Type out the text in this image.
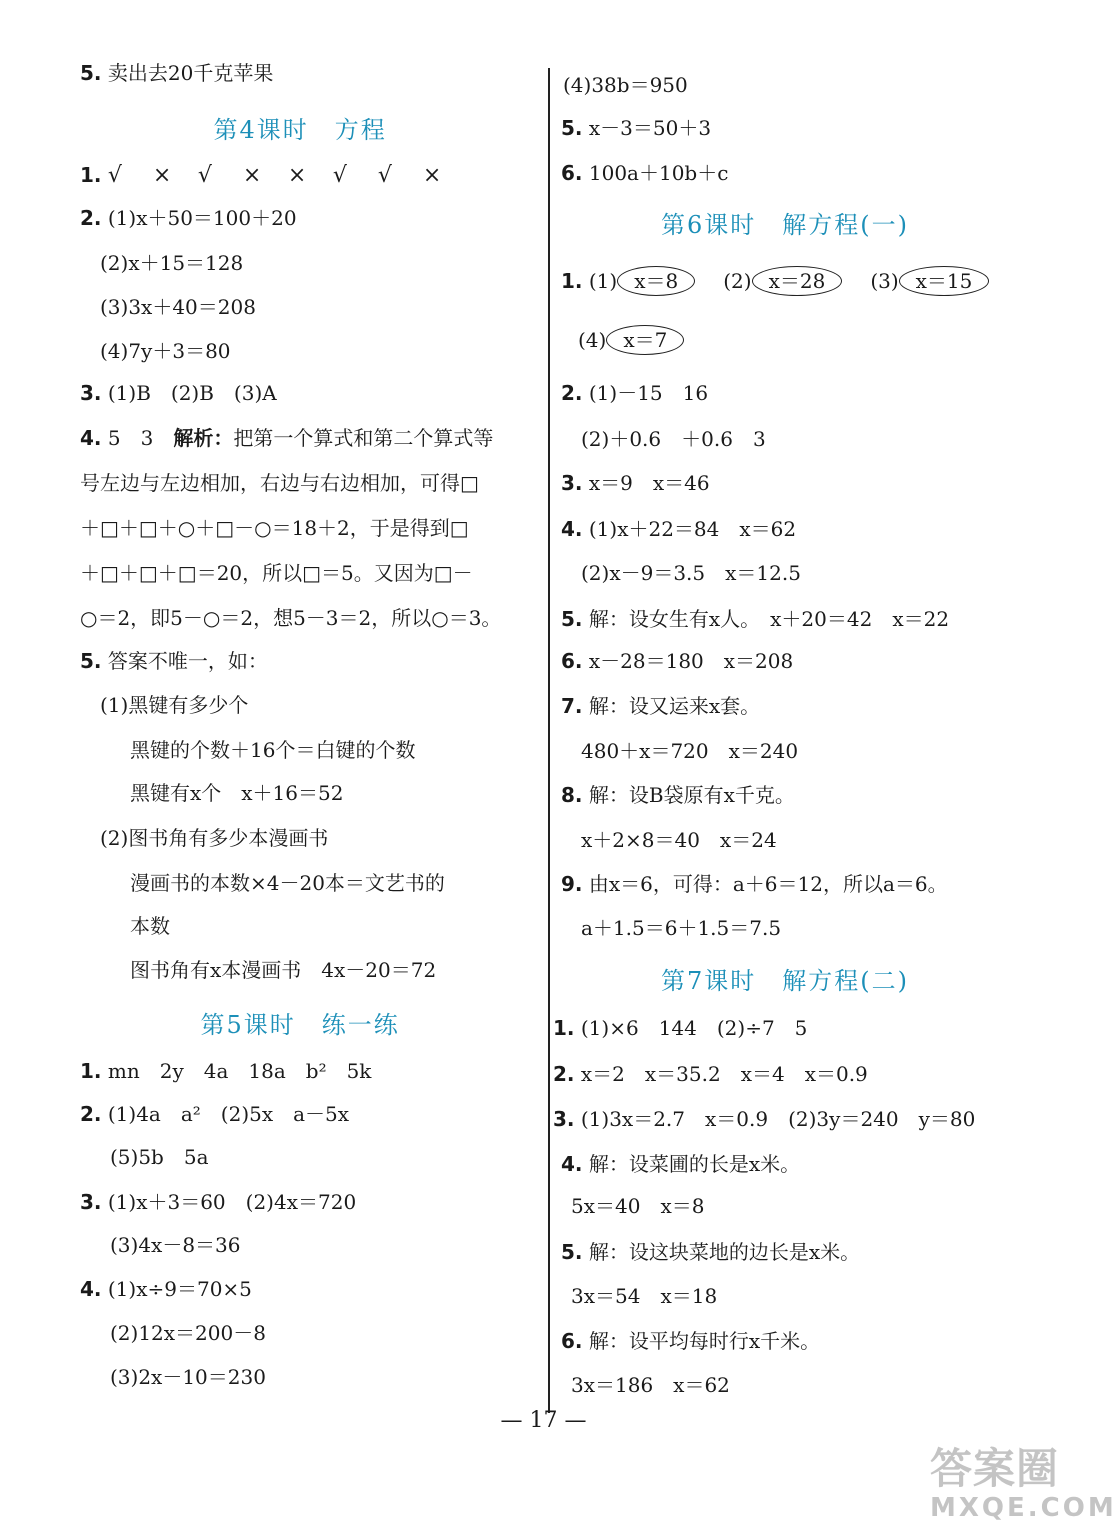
5. 卖出去20千克苹果
第4课时　方程
1. √ × √ × × √ √ ×
2. (1)x＋50＝100＋20
(2)x＋15＝128
(3)3x＋40＝208
(4)7y＋3＝80
3. (1)B　(2)B　(3)A
4. 5　3　解析：把第一个算式和第二个算式等
号左边与左边相加，右边与右边相加，可得□
＋□＋□＋○＋□－○＝18＋2，于是得到□
＋□＋□＋□＝20，所以□＝5。又因为□－
○＝2，即5－○＝2，想5－3＝2，所以○＝3。
5. 答案不唯一，如：
(1)黑键有多少个
黑键的个数＋16个＝白键的个数
黑键有x个　x＋16＝52
(2)图书角有多少本漫画书
漫画书的本数×4－20本＝文艺书的
本数
图书角有x本漫画书　4x－20＝72
第5课时　练一练
1. mn　2y　4a　18a　b²　5k
2. (1)4a　a²　(2)5x　a－5x
(5)5b　5a
3. (1)x＋3＝60　(2)4x＝720
(3)4x－8＝36
4. (1)x÷9＝70×5
(2)12x＝200－8
(3)2x－10＝230
(4)38b＝950
5. x－3＝50＋3
6. 100a＋10b＋c
第6课时　解方程(一)
1. (1) x＝8 (2) x＝28 (3) x＝15
(4) x＝7
2. (1)－15　16
(2)＋0.6　＋0.6　3
3. x＝9　x＝46
4. (1)x＋22＝84　x＝62
(2)x－9＝3.5　x＝12.5
5. 解：设女生有x人。　x＋20＝42　x＝22
6. x－28＝180　x＝208
7. 解：设又运来x套。
480＋x＝720　x＝240
8. 解：设B袋原有x千克。
x＋2×8＝40　x＝24
9. 由x＝6，可得：a＋6＝12，所以a＝6。
a＋1.5＝6＋1.5＝7.5
第7课时　解方程(二)
1. (1)×6　144　(2)÷7　5
2. x＝2　x＝35.2　x＝4　x＝0.9
3. (1)3x＝2.7　x＝0.9　(2)3y＝240　y＝80
4. 解：设菜圃的长是x米。
5x＝40　x＝8
5. 解：设这块菜地的边长是x米。
3x＝54　x＝18
6. 解：设平均每时行x千米。
3x＝186　x＝62
— 17 —
答案圈
MXQE.COM
